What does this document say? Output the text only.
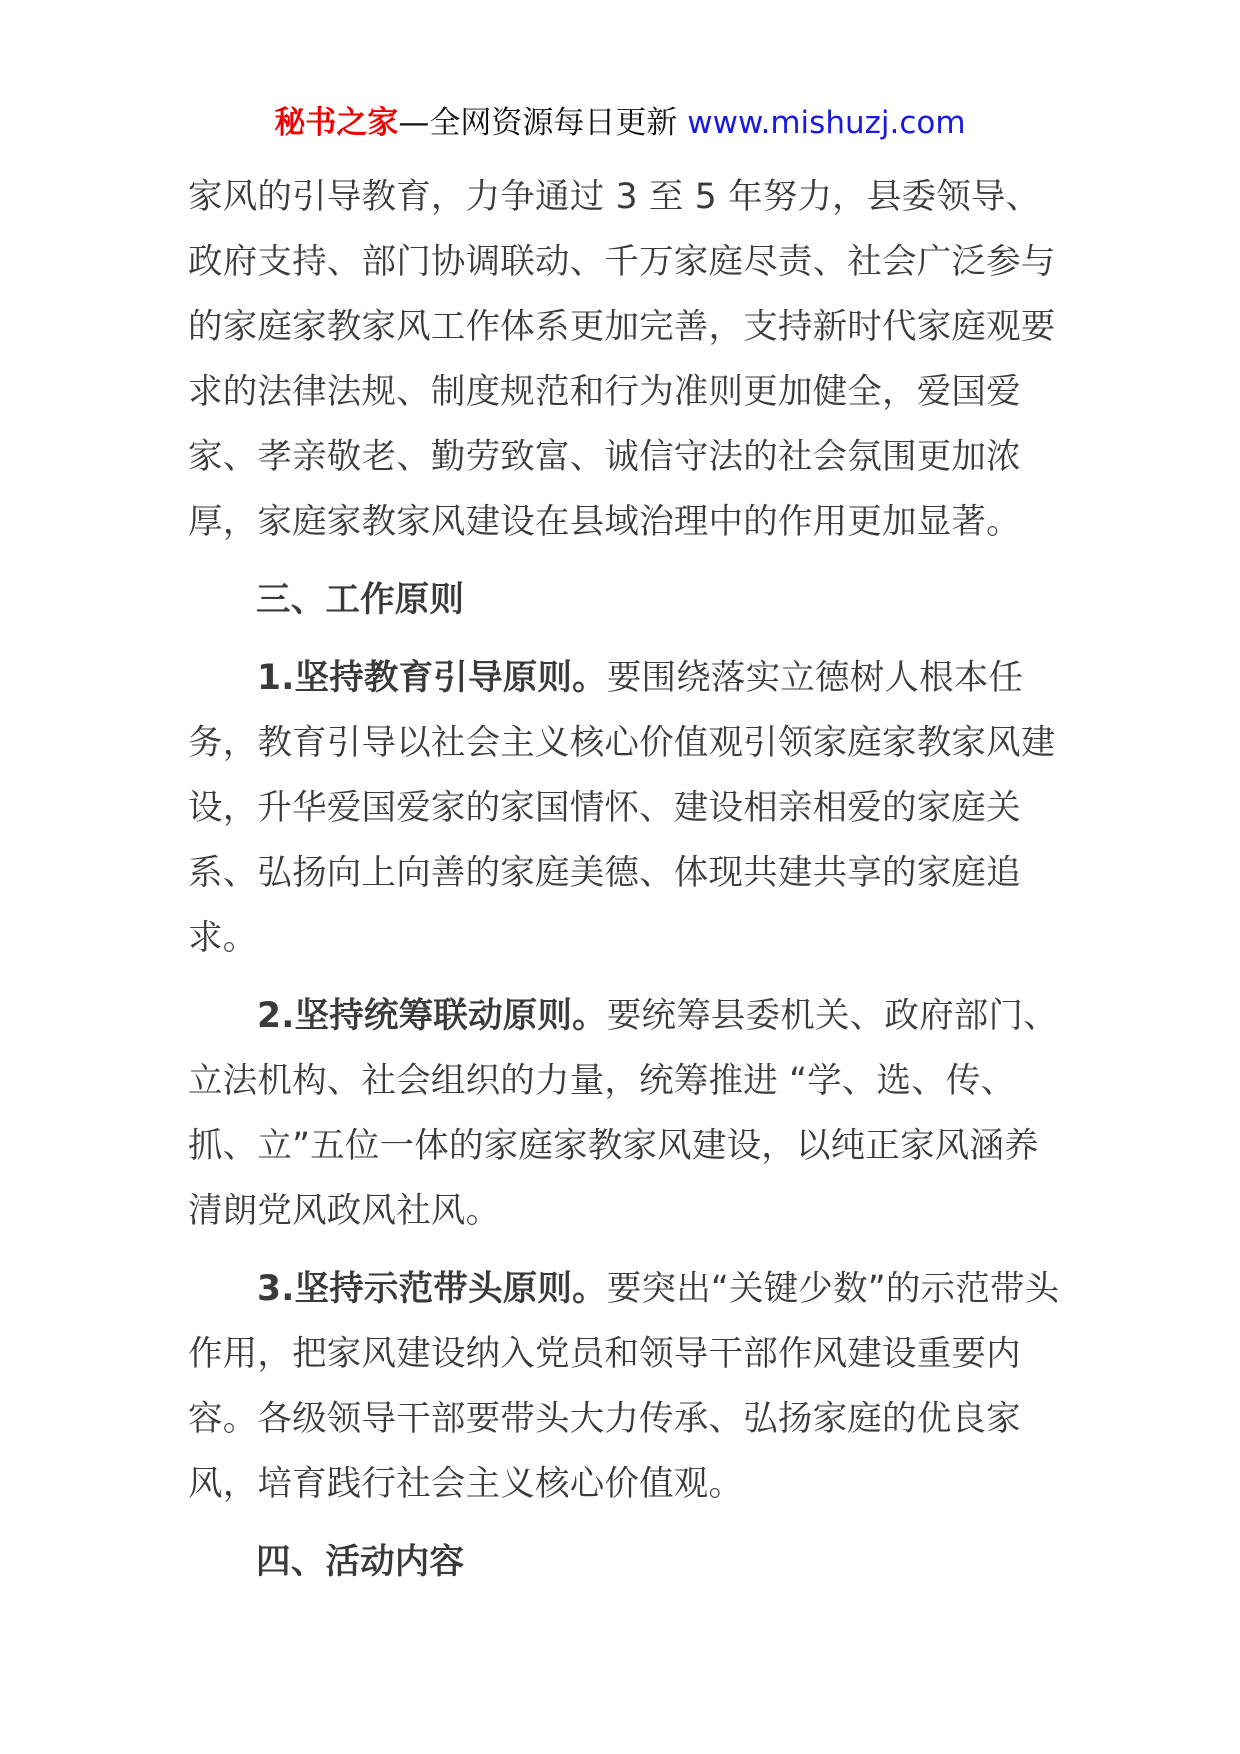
秘书之家—全网资源每日更新 www.mishuzj.com

家风的引导教育，力争通过 3 至 5 年努力，县委领导、政府支持、部门协调联动、千万家庭尽责、社会广泛参与的家庭家教家风工作体系更加完善，支持新时代家庭观要求的法律法规、制度规范和行为准则更加健全，爱国爱家、孝亲敬老、勤劳致富、诚信守法的社会氛围更加浓厚，家庭家教家风建设在县域治理中的作用更加显著。

三、工作原则

1.坚持教育引导原则。要围绕落实立德树人根本任务，教育引导以社会主义核心价值观引领家庭家教家风建设，升华爱国爱家的家国情怀、建设相亲相爱的家庭关系、弘扬向上向善的家庭美德、体现共建共享的家庭追求。

2.坚持统筹联动原则。要统筹县委机关、政府部门、立法机构、社会组织的力量，统筹推进 “学、选、传、抓、立”五位一体的家庭家教家风建设，以纯正家风涵养清朗党风政风社风。

3.坚持示范带头原则。要突出“关键少数”的示范带头作用，把家风建设纳入党员和领导干部作风建设重要内容。各级领导干部要带头大力传承、弘扬家庭的优良家风，培育践行社会主义核心价值观。

四、活动内容
